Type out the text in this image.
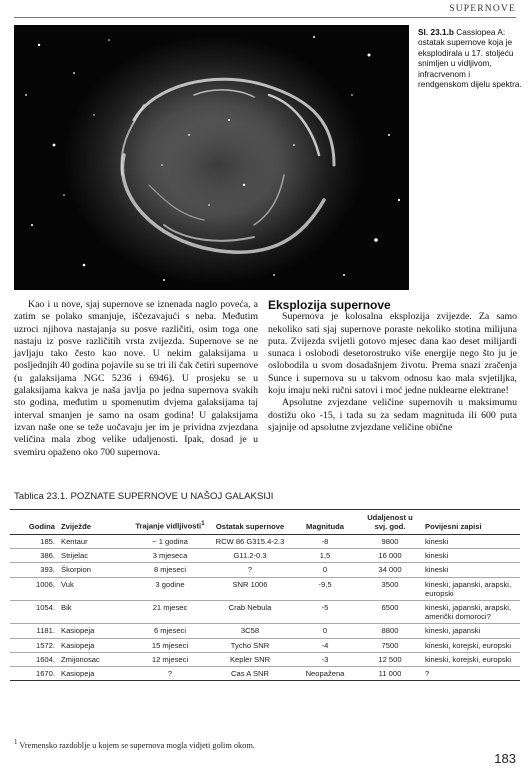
SUPERNOVE
Sl. 23.1.b Cassiopea A: ostatak supernove koja je eksplodirala u 17. stoljeću snimljen u vidljivom, infracrvenom i rendgenskom dijelu spektra.

Kao i u nove, sjaj supernove se iznenada naglo poveća, a zatim se polako smanjuje, iščezavajući s neba. Međutim uzroci njihova nastajanja su posve različiti, osim toga one nastaju iz posve različitih vrsta zvijezda. Supernove se ne javljaju tako često kao nove. U nekim galaksijama u posljednjih 40 godina pojavile su se tri ili čak četiri supernove (u galaksijama NGC 5236 i 6946). U prosjeku se u galaksijama kakva je naša javlja po jedna supernova svakih sto godina, međutim u spomenutim dvjema galaksijama taj interval smanjen je samo na osam godina! U galaksijama izvan naše one se teže uočavaju jer im je prividna zvjezdana veličina mala zbog velike udaljenosti. Ipak, dosad je u svemiru opaženo oko 700 supernova.

Eksplozija supernove

Supernova je kolosalna eksplozija zvijezde. Za samo nekoliko sati sjaj supernove poraste nekoliko stotina milijuna puta. Zvijezda svijetli gotovo mjesec dana kao deset milijardi sunaca i oslobodi desetorostruko više energije nego što ju je oslobodila u svom dosadašnjem životu. Prema snazi zračenja Sunce i supernova su u takvom odnosu kao mala svjetiljka, koju imaju neki ručni satovi i moć jedne nuklearne elektrane!

Apsolutne zvjezdane veličine supernovih u maksimumu dostižu oko -15, i tada su za sedam magnituda ili 600 puta sjajnije od apsolutne zvjezdane veličine obične

Tablica 23.1. POZNATE SUPERNOVE U NAŠOJ GALAKSIJI
Godina	Zviježđe	Trajanje vidljivosti$^1$	Ostatak supernove	Magnituda	Udaljenost u svj. god.	Povijesni zapisi
185.	Kentaur	~ 1 godina	RCW 86 G315.4-2.3	-8	9800	kineski
386.	Strijelac	3 mjeseca	G11.2-0.3	1,5	16 000	kineski
393.	Škorpion	8 mjeseci	?	0	34 000	kineski
1006.	Vuk	3 godine	SNR 1006	-9,5	3500	kineski, japanski, arapski, europski
1054.	Bik	21 mjesec	Crab Nebula	-5	6500	kineski, japanski, arapski, američki domoroci?
1181.	Kasiopeja	6 mjeseci	3C58	0	8800	kineski, japanski
1572.	Kasiopeja	15 mjeseci	Tycho SNR	-4	7500	kineski, korejski, europski
1604.	Zmijonosac	12 mjeseci	Kepler SNR	-3	12 500	kineski, korejski, europski
1670.	Kasiopeja	?	Cas A SNR	Neopažena	11 000	?
$^1$ Vremensko razdoblje u kojem se supernova mogla vidjeti golim okom.
183
